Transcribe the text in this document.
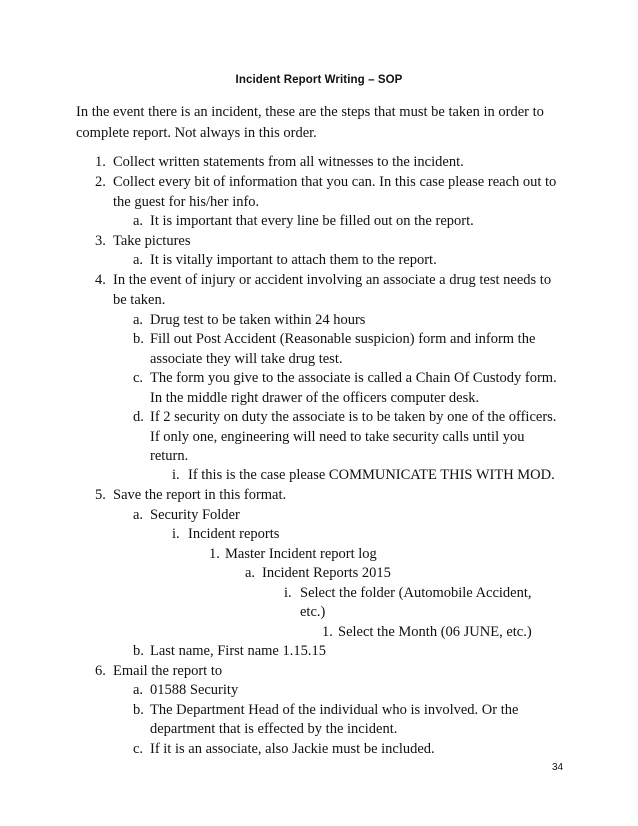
Incident Report Writing – SOP
In the event there is an incident, these are the steps that must be taken in order to complete report. Not always in this order.
1. Collect written statements from all witnesses to the incident.
2. Collect every bit of information that you can. In this case please reach out to
the guest for his/her info.
a. It is important that every line be filled out on the report.
3. Take pictures
a. It is vitally important to attach them to the report.
4. In the event of injury or accident involving an associate a drug test needs to
be taken.
a. Drug test to be taken within 24 hours
b. Fill out Post Accident (Reasonable suspicion) form and inform the
associate they will take drug test.
c. The form you give to the associate is called a Chain Of Custody form.
In the middle right drawer of the officers computer desk.
d. If 2 security on duty the associate is to be taken by one of the officers.
If only one, engineering will need to take security calls until you
return.
i. If this is the case please COMMUNICATE THIS WITH MOD.
5. Save the report in this format.
a. Security Folder
i. Incident reports
1. Master Incident report log
a. Incident Reports 2015
i. Select the folder (Automobile Accident,
etc.)
1. Select the Month (06 JUNE, etc.)
b. Last name, First name 1.15.15
6. Email the report to
a. 01588 Security
b. The Department Head of the individual who is involved. Or the
department that is effected by the incident.
c. If it is an associate, also Jackie must be included.
34
